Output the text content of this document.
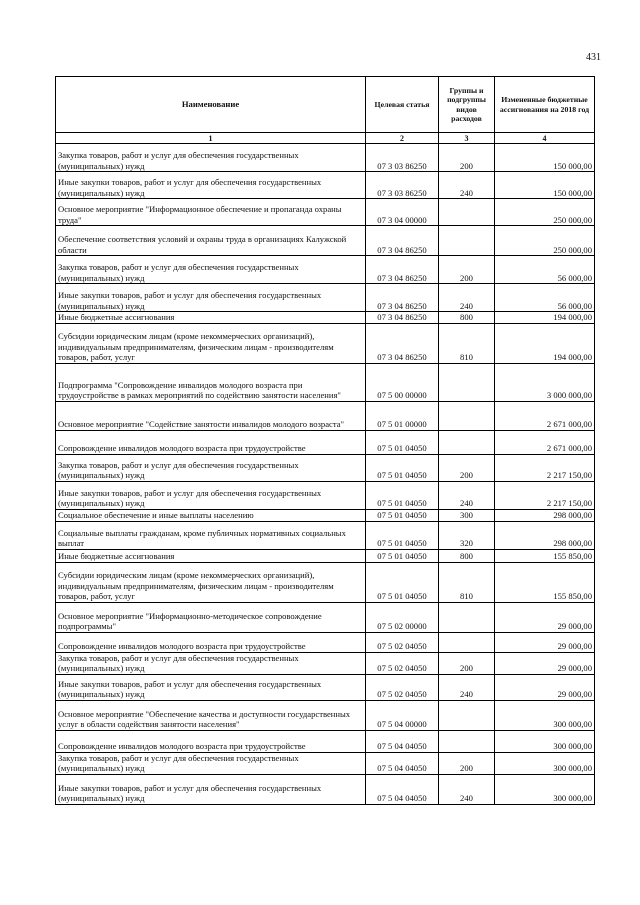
431
Наименование	Целевая статья	Группы и подгруппы видов расходов	Измененные бюджетные ассигнования на 2018 год
1	2	3	4
Закупка товаров, работ и услуг для обеспечения государственных (муниципальных) нужд	07 3 03 86250	200	150 000,00
Иные закупки товаров, работ и услуг для обеспечения государственных (муниципальных) нужд	07 3 03 86250	240	150 000,00
Основное мероприятие "Информационное обеспечение и пропаганда охраны труда"	07 3 04 00000		250 000,00
Обеспечение соответствия условий и охраны труда в организациях Калужской области	07 3 04 86250		250 000,00
Закупка товаров, работ и услуг для обеспечения государственных (муниципальных) нужд	07 3 04 86250	200	56 000,00
Иные закупки товаров, работ и услуг для обеспечения государственных (муниципальных) нужд	07 3 04 86250	240	56 000,00
Иные бюджетные ассигнования	07 3 04 86250	800	194 000,00
Субсидии юридическим лицам (кроме некоммерческих организаций), индивидуальным предпринимателям, физическим лицам - производителям товаров, работ, услуг	07 3 04 86250	810	194 000,00
Подпрограмма "Сопровождение инвалидов молодого возраста при трудоустройстве в рамках мероприятий по содействию занятости населения"	07 5 00 00000		3 000 000,00
Основное мероприятие "Содействие занятости инвалидов молодого возраста"	07 5 01 00000		2 671 000,00
Сопровождение инвалидов молодого возраста при трудоустройстве	07 5 01 04050		2 671 000,00
Закупка товаров, работ и услуг для обеспечения государственных (муниципальных) нужд	07 5 01 04050	200	2 217 150,00
Иные закупки товаров, работ и услуг для обеспечения государственных (муниципальных) нужд	07 5 01 04050	240	2 217 150,00
Социальное обеспечение и иные выплаты населению	07 5 01 04050	300	298 000,00
Социальные выплаты гражданам, кроме публичных нормативных социальных выплат	07 5 01 04050	320	298 000,00
Иные бюджетные ассигнования	07 5 01 04050	800	155 850,00
Субсидии юридическим лицам (кроме некоммерческих организаций), индивидуальным предпринимателям, физическим лицам - производителям товаров, работ, услуг	07 5 01 04050	810	155 850,00
Основное мероприятие "Информационно-методическое сопровождение подпрограммы"	07 5 02 00000		29 000,00
Сопровождение инвалидов молодого возраста при трудоустройстве	07 5 02 04050		29 000,00
Закупка товаров, работ и услуг для обеспечения государственных (муниципальных) нужд	07 5 02 04050	200	29 000,00
Иные закупки товаров, работ и услуг для обеспечения государственных (муниципальных) нужд	07 5 02 04050	240	29 000,00
Основное мероприятие "Обеспечение качества и доступности государственных услуг в области содействия занятости населения"	07 5 04 00000		300 000,00
Сопровождение инвалидов молодого возраста при трудоустройстве	07 5 04 04050		300 000,00
Закупка товаров, работ и услуг для обеспечения государственных (муниципальных) нужд	07 5 04 04050	200	300 000,00
Иные закупки товаров, работ и услуг для обеспечения государственных (муниципальных) нужд	07 5 04 04050	240	300 000,00
